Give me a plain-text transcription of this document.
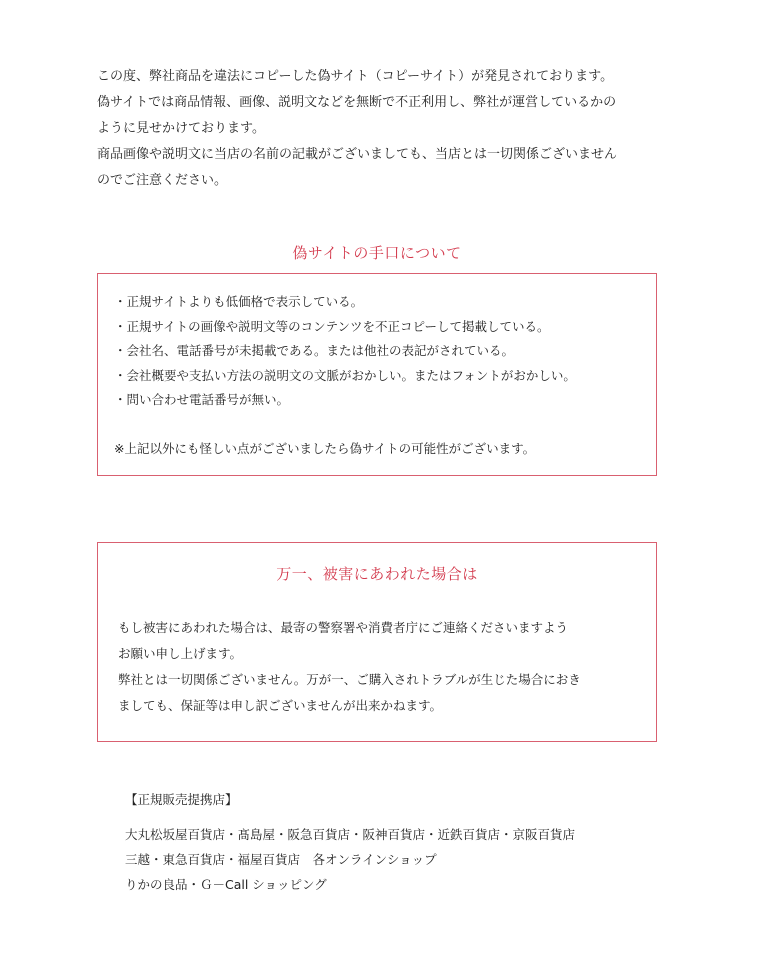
この度、弊社商品を違法にコピーした偽サイト（コピーサイト）が発見されております。

偽サイトでは商品情報、画像、説明文などを無断で不正利用し、弊社が運営しているかの

ように見せかけております。

商品画像や説明文に当店の名前の記載がございましても、当店とは一切関係ございません

のでご注意ください。

偽サイトの手口について
・正規サイトよりも低価格で表示している。
・正規サイトの画像や説明文等のコンテンツを不正コピーして掲載している。
・会社名、電話番号が未掲載である。または他社の表記がされている。
・会社概要や支払い方法の説明文の文脈がおかしい。またはフォントがおかしい。
・問い合わせ電話番号が無い。
※上記以外にも怪しい点がございましたら偽サイトの可能性がございます。
万一、被害にあわれた場合は

もし被害にあわれた場合は、最寄の警察署や消費者庁にご連絡くださいますよう

お願い申し上げます。

弊社とは一切関係ございません。万が一、ご購入されトラブルが生じた場合におき

ましても、保証等は申し訳ございませんが出来かねます。

【正規販売提携店】
大丸松坂屋百貨店・髙島屋・阪急百貨店・阪神百貨店・近鉄百貨店・京阪百貨店
三越・東急百貨店・福屋百貨店　各オンラインショップ
りかの良品・Ｇ－Call ショッピング
